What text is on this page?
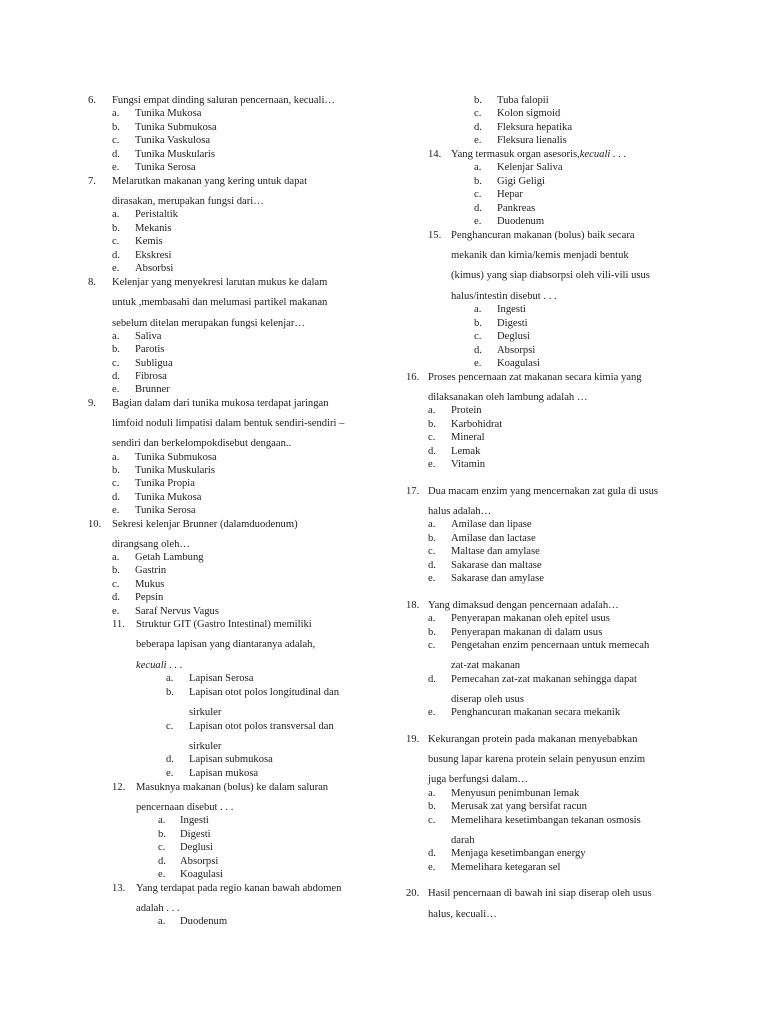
6. Fungsi empat dinding saluran pencernaan, kecuali…
a. Tunika Mukosa
b. Tunika Submukosa
c. Tunika Vaskulosa
d. Tunika Muskularis
e. Tunika Serosa
7. Melarutkan makanan yang kering untuk dapat
dirasakan, merupakan fungsi dari…
a. Peristaltik
b. Mekanis
c. Kemis
d. Ekskresi
e. Absorbsi
8. Kelenjar yang menyekresi larutan mukus ke dalam
untuk ,membasahi dan melumasi partikel makanan
sebelum ditelan merupakan fungsi kelenjar…
a. Saliva
b. Parotis
c. Subligua
d. Fibrosa
e. Brunner
9. Bagian dalam dari tunika mukosa terdapat jaringan
limfoid noduli limpatisi dalam bentuk sendiri-sendiri –
sendiri dan berkelompokdisebut dengaan..
a. Tunika Submukosa
b. Tunika Muskularis
c. Tunika Propia
d. Tunika Mukosa
e. Tunika Serosa
10. Sekresi kelenjar Brunner (dalamduodenum)
dirangsang oleh…
a. Getah Lambung
b. Gastrin
c. Mukus
d. Pepsin
e. Saraf Nervus Vagus
11. Struktur GIT (Gastro Intestinal) memiliki
beberapa lapisan yang diantaranya adalah,
kecuali . . .
a. Lapisan Serosa
b. Lapisan otot polos longitudinal dan
sirkuler
c. Lapisan otot polos transversal dan
sirkuler
d. Lapisan submukosa
e. Lapisan mukosa
12. Masuknya makanan (bolus) ke dalam saluran
pencernaan disebut . . .
a. Ingesti
b. Digesti
c. Deglusi
d. Absorpsi
e. Koagulasi
13. Yang terdapat pada regio kanan bawah abdomen
adalah . . .
a. Duodenum
b. Tuba falopii
c. Kolon sigmoid
d. Fleksura hepatika
e. Fleksura lienalis
14. Yang termasuk organ asesoris, kecuali . . .
a. Kelenjar Saliva
b. Gigi Geligi
c. Hepar
d. Pankreas
e. Duodenum
15. Penghancuran makanan (bolus) baik secara
mekanik dan kimia/kemis menjadi bentuk
(kimus) yang siap diabsorpsi oleh vili-vili usus
halus/intestin disebut . . .
a. Ingesti
b. Digesti
c. Deglusi
d. Absorpsi
e. Koagulasi
16. Proses pencernaan zat makanan secara kimia yang
dilaksanakan oleh lambung adalah …
a. Protein
b. Karbohidrat
c. Mineral
d. Lemak
e. Vitamin
17. Dua macam enzim yang mencernakan zat gula di usus
halus adalah…
a. Amilase dan lipase
b. Amilase dan lactase
c. Maltase dan amylase
d. Sakarase dan maltase
e. Sakarase dan amylase
18. Yang dimaksud dengan pencernaan adalah…
a. Penyerapan makanan oleh epitel usus
b. Penyerapan makanan di dalam usus
c. Pengetahan enzim pencernaan untuk memecah
zat-zat makanan
d. Pemecahan zat-zat makanan sehingga dapat
diserap oleh usus
e. Penghancuran makanan secara mekanik
19. Kekurangan protein pada makanan menyebabkan
busung lapar karena protein selain penyusun enzim
juga berfungsi dalam…
a. Menyusun penimbunan lemak
b. Merusak zat yang bersifat racun
c. Memelihara kesetimbangan tekanan osmosis
darah
d. Menjaga kesetimbangan energy
e. Memelihara ketegaran sel
20. Hasil pencernaan di bawah ini siap diserap oleh usus
halus, kecuali…
